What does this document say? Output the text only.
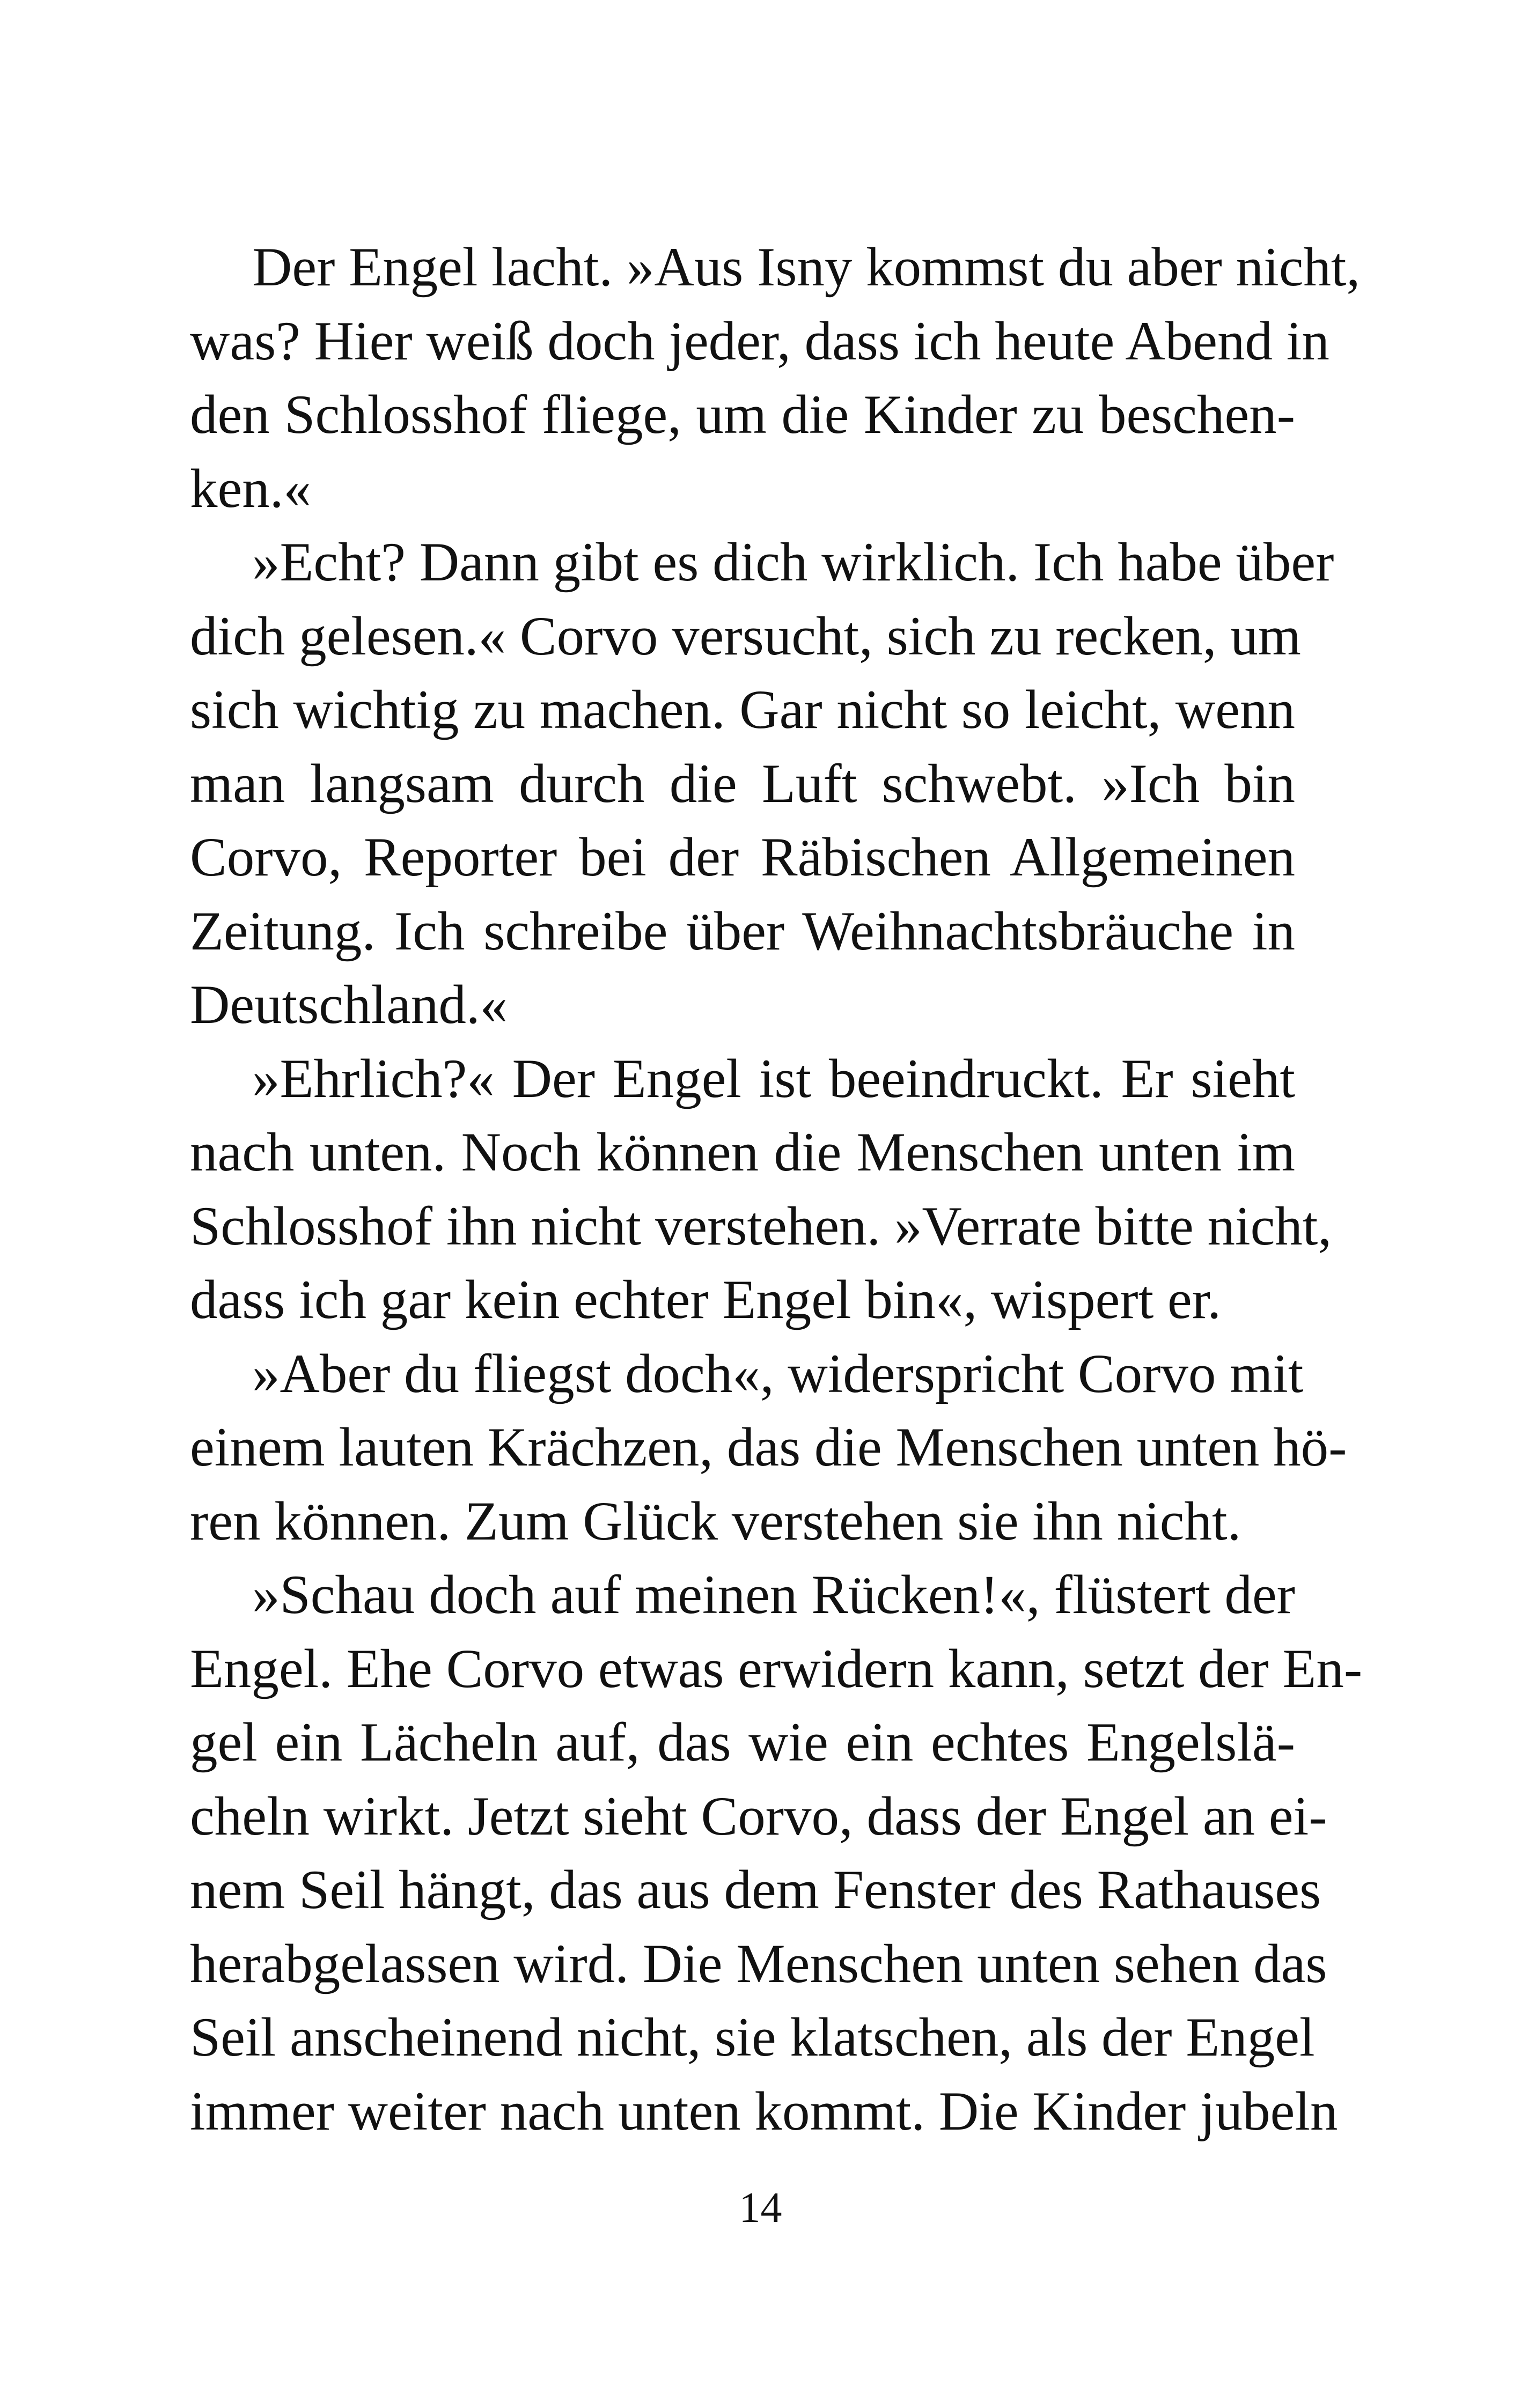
Der Engel lacht. »Aus Isny kommst du aber nicht,
was? Hier weiß doch jeder, dass ich heute Abend in
den Schlosshof fliege, um die Kinder zu beschen-
ken.«
»Echt? Dann gibt es dich wirklich. Ich habe über
dich gelesen.« Corvo versucht, sich zu recken, um
sich wichtig zu machen. Gar nicht so leicht, wenn
man langsam durch die Luft schwebt. »Ich bin
Corvo, Reporter bei der Räbischen Allgemeinen
Zeitung. Ich schreibe über Weihnachtsbräuche in
Deutschland.«
»Ehrlich?« Der Engel ist beeindruckt. Er sieht
nach unten. Noch können die Menschen unten im
Schlosshof ihn nicht verstehen. »Verrate bitte nicht,
dass ich gar kein echter Engel bin«, wispert er.
»Aber du fliegst doch«, widerspricht Corvo mit
einem lauten Krächzen, das die Menschen unten hö-
ren können. Zum Glück verstehen sie ihn nicht.
»Schau doch auf meinen Rücken!«, flüstert der
Engel. Ehe Corvo etwas erwidern kann, setzt der En-
gel ein Lächeln auf, das wie ein echtes Engelslä-
cheln wirkt. Jetzt sieht Corvo, dass der Engel an ei-
nem Seil hängt, das aus dem Fenster des Rathauses
herabgelassen wird. Die Menschen unten sehen das
Seil anscheinend nicht, sie klatschen, als der Engel
immer weiter nach unten kommt. Die Kinder jubeln
14
